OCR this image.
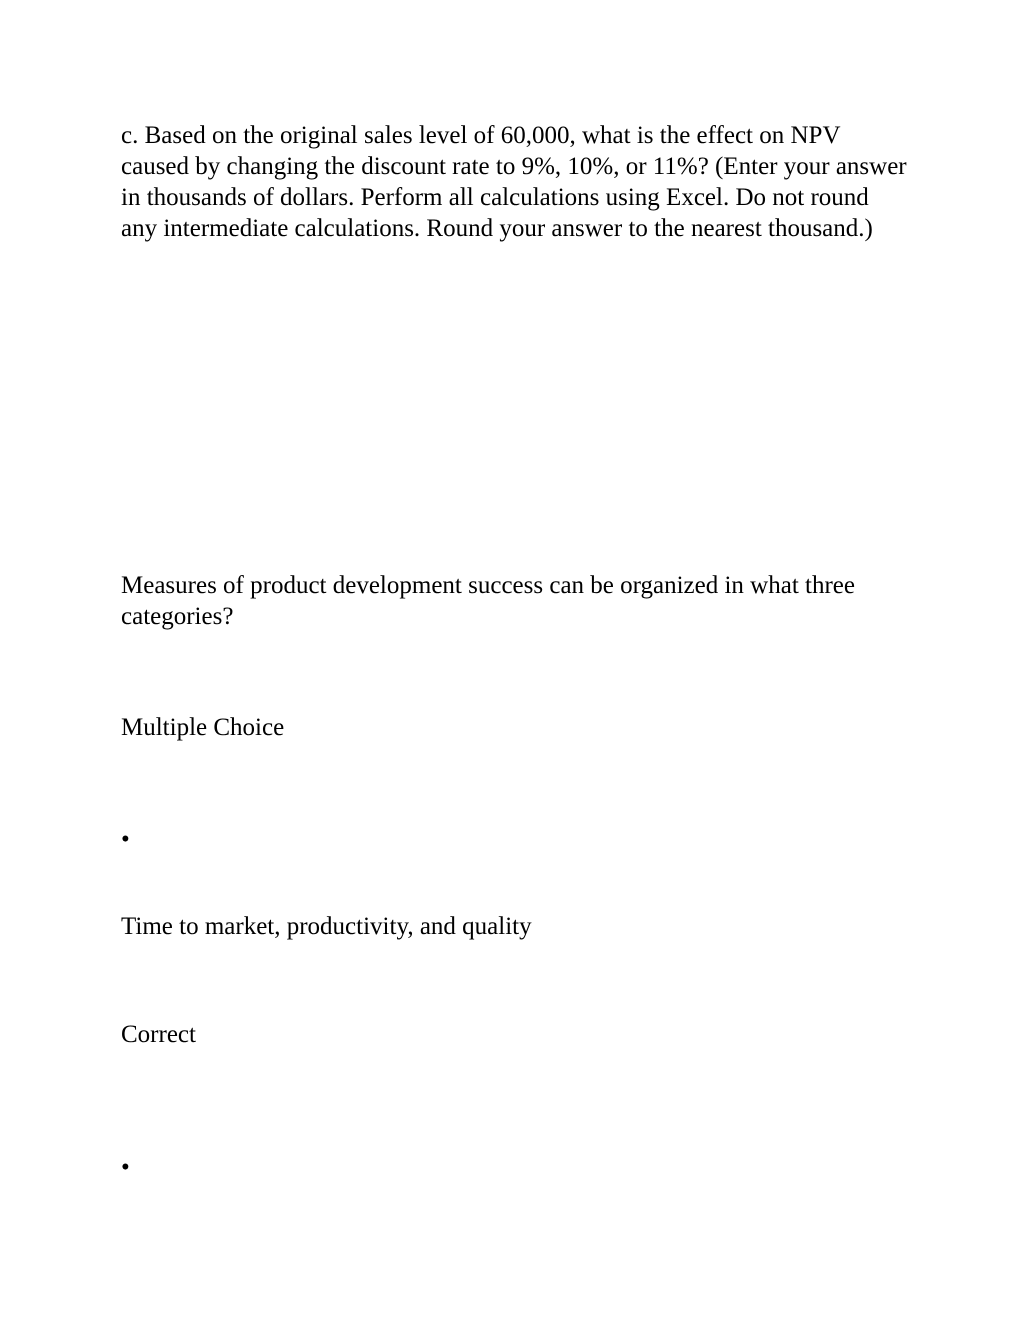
c. Based on the original sales level of 60,000, what is the effect on NPV caused by changing the discount rate to 9%, 10%, or 11%? (Enter your answer in thousands of dollars. Perform all calculations using Excel. Do not round any intermediate calculations. Round your answer to the nearest thousand.)

Measures of product development success can be organized in what three categories?

Multiple Choice

•

Time to market, productivity, and quality

Correct

•
